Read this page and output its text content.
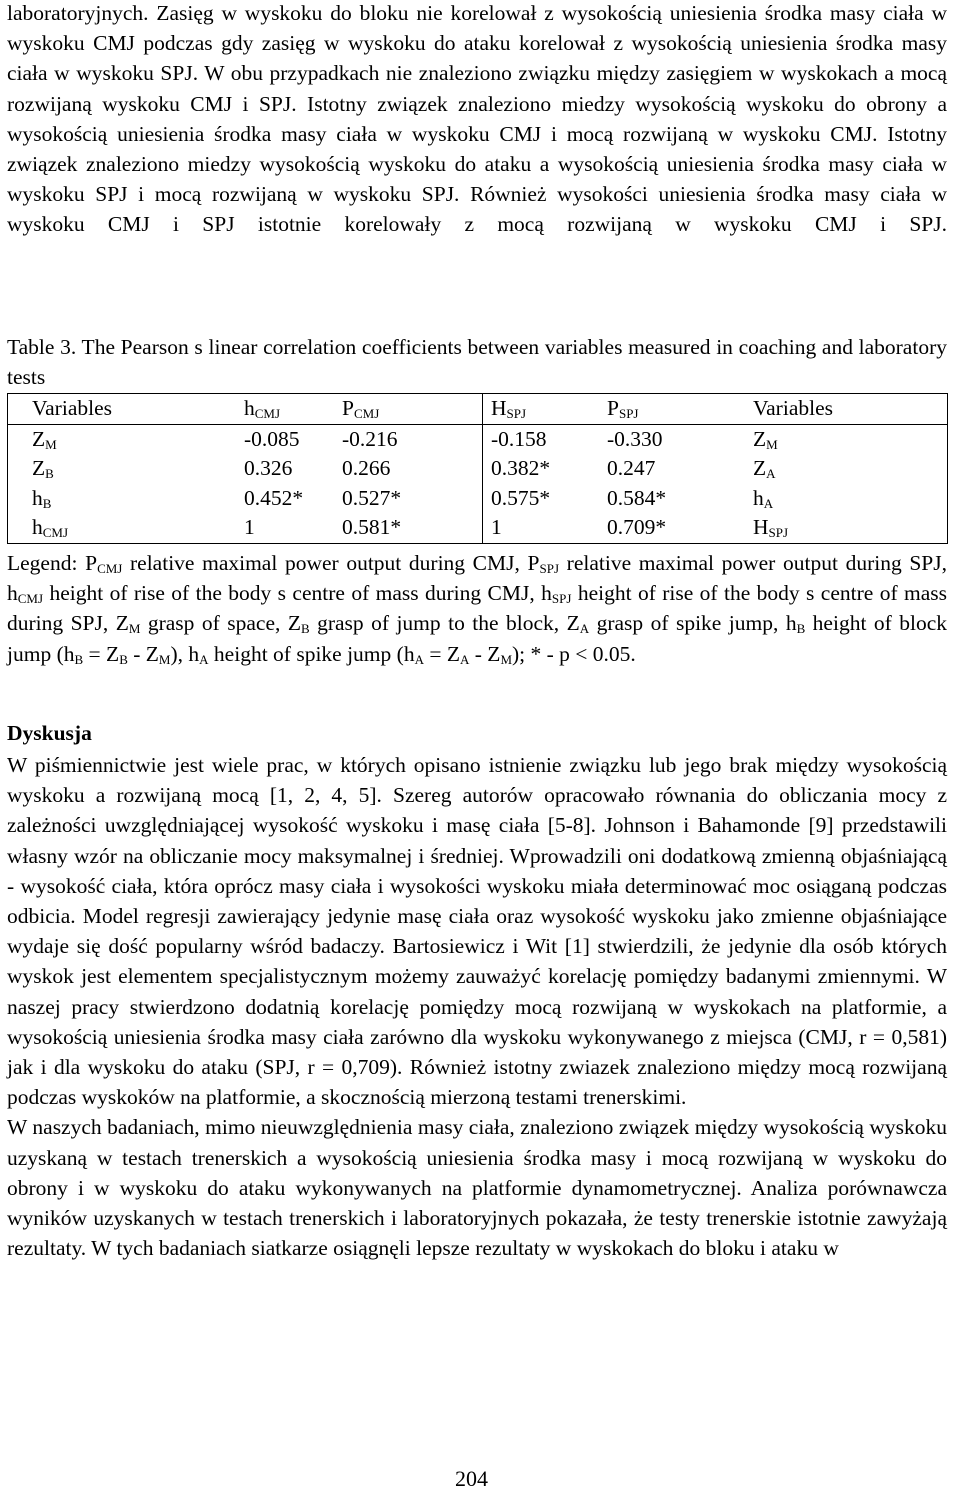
laboratoryjnych. Zasięg w wyskoku do bloku nie korelował z wysokością uniesienia środka masy ciała w wyskoku CMJ podczas gdy zasięg w wyskoku do ataku korelował z wysokością uniesienia środka masy ciała w wyskoku SPJ. W obu przypadkach nie znaleziono związku między zasięgiem w wyskokach a mocą rozwijaną wyskoku CMJ i SPJ. Istotny związek znaleziono miedzy wysokością wyskoku do obrony a wysokością uniesienia środka masy ciała w wyskoku CMJ i mocą rozwijaną w wyskoku CMJ. Istotny związek znaleziono miedzy wysokością wyskoku do ataku a wysokością uniesienia środka masy ciała w wyskoku SPJ i mocą rozwijaną w wyskoku SPJ. Również wysokości uniesienia środka masy ciała w wyskoku CMJ i SPJ istotnie korelowały z mocą rozwijaną w wyskoku CMJ i SPJ.

Table 3. The Pearson s linear correlation coefficients between variables measured in coaching and laboratory tests

Variables	$h_{CMJ}$	$P_{CMJ}$	$H_{SPJ}$	$P_{SPJ}$	Variables
$Z_M$	-0.085	-0.216	-0.158	-0.330	$Z_M$
$Z_B$	0.326	0.266	0.382*	0.247	$Z_A$
$h_B$	0.452*	0.527*	0.575*	0.584*	$h_A$
$h_{CMJ}$	1	0.581*	1	0.709*	$H_{SPJ}$

Legend: $P_{CMJ}$ relative maximal power output during CMJ, $P_{SPJ}$ relative maximal power output during SPJ, $h_{CMJ}$ height of rise of the body s centre of mass during CMJ, $h_{SPJ}$ height of rise of the body s centre of mass during SPJ, $Z_M$ grasp of space, $Z_B$ grasp of jump to the block, $Z_A$ grasp of spike jump, $h_B$ height of block jump $(h_B = Z_B - Z_M)$, $h_A$ height of spike jump $(h_A = Z_A - Z_M)$; * - p < 0.05.

Dyskusja

W piśmiennictwie jest wiele prac, w których opisano istnienie związku lub jego brak między wysokością wyskoku a rozwijaną mocą [1, 2, 4, 5]. Szereg autorów opracowało równania do obliczania mocy z zależności uwzględniającej wysokość wyskoku i masę ciała [5-8]. Johnson i Bahamonde [9] przedstawili własny wzór na obliczanie mocy maksymalnej i średniej. Wprowadzili oni dodatkową zmienną objaśniającą - wysokość ciała, która oprócz masy ciała i wysokości wyskoku miała determinować moc osiąganą podczas odbicia. Model regresji zawierający jedynie masę ciała oraz wysokość wyskoku jako zmienne objaśniające wydaje się dość popularny wśród badaczy. Bartosiewicz i Wit [1] stwierdzili, że jedynie dla osób których wyskok jest elementem specjalistycznym możemy zauważyć korelację pomiędzy badanymi zmiennymi. W naszej pracy stwierdzono dodatnią korelację pomiędzy mocą rozwijaną w wyskokach na platformie, a wysokością uniesienia środka masy ciała zarówno dla wyskoku wykonywanego z miejsca (CMJ, r = 0,581) jak i dla wyskoku do ataku (SPJ, r = 0,709). Również istotny zwiazek znaleziono między mocą rozwijaną podczas wyskoków na platformie, a skocznością mierzoną testami trenerskimi.

W naszych badaniach, mimo nieuwzględnienia masy ciała, znaleziono związek między wysokością wyskoku uzyskaną w testach trenerskich a wysokością uniesienia środka masy i mocą rozwijaną w wyskoku do obrony i w wyskoku do ataku wykonywanych na platformie dynamometrycznej. Analiza porównawcza wyników uzyskanych w testach trenerskich i laboratoryjnych pokazała, że testy trenerskie istotnie zawyżają rezultaty. W tych badaniach siatkarze osiągnęli lepsze rezultaty w wyskokach do bloku i ataku w

204
